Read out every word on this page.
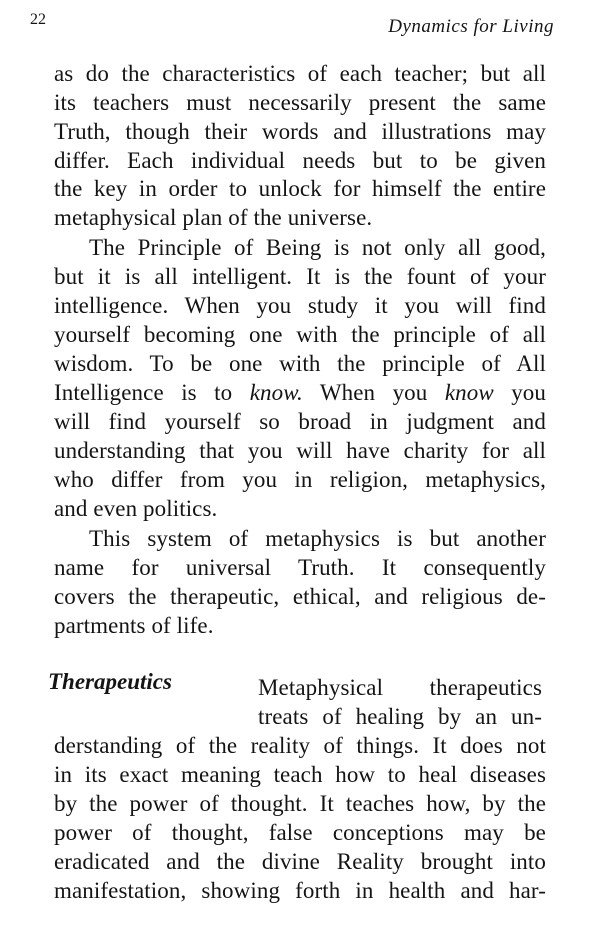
22	Dynamics for Living
as do the characteristics of each teacher; but all
its teachers must necessarily present the same
Truth, though their words and illustrations may
differ. Each individual needs but to be given
the key in order to unlock for himself the entire
metaphysical plan of the universe.
The Principle of Being is not only all good,
but it is all intelligent. It is the fount of your
intelligence. When you study it you will find
yourself becoming one with the principle of all
wisdom. To be one with the principle of All
Intelligence is to know. When you know you
will find yourself so broad in judgment and
understanding that you will have charity for all
who differ from you in religion, metaphysics,
and even politics.
This system of metaphysics is but another
name for universal Truth. It consequently
covers the therapeutic, ethical, and religious de-
partments of life.
Therapeutics	Metaphysical therapeutics
treats of healing by an un-
derstanding of the reality of things. It does not
in its exact meaning teach how to heal diseases
by the power of thought. It teaches how, by the
power of thought, false conceptions may be
eradicated and the divine Reality brought into
manifestation, showing forth in health and har-
